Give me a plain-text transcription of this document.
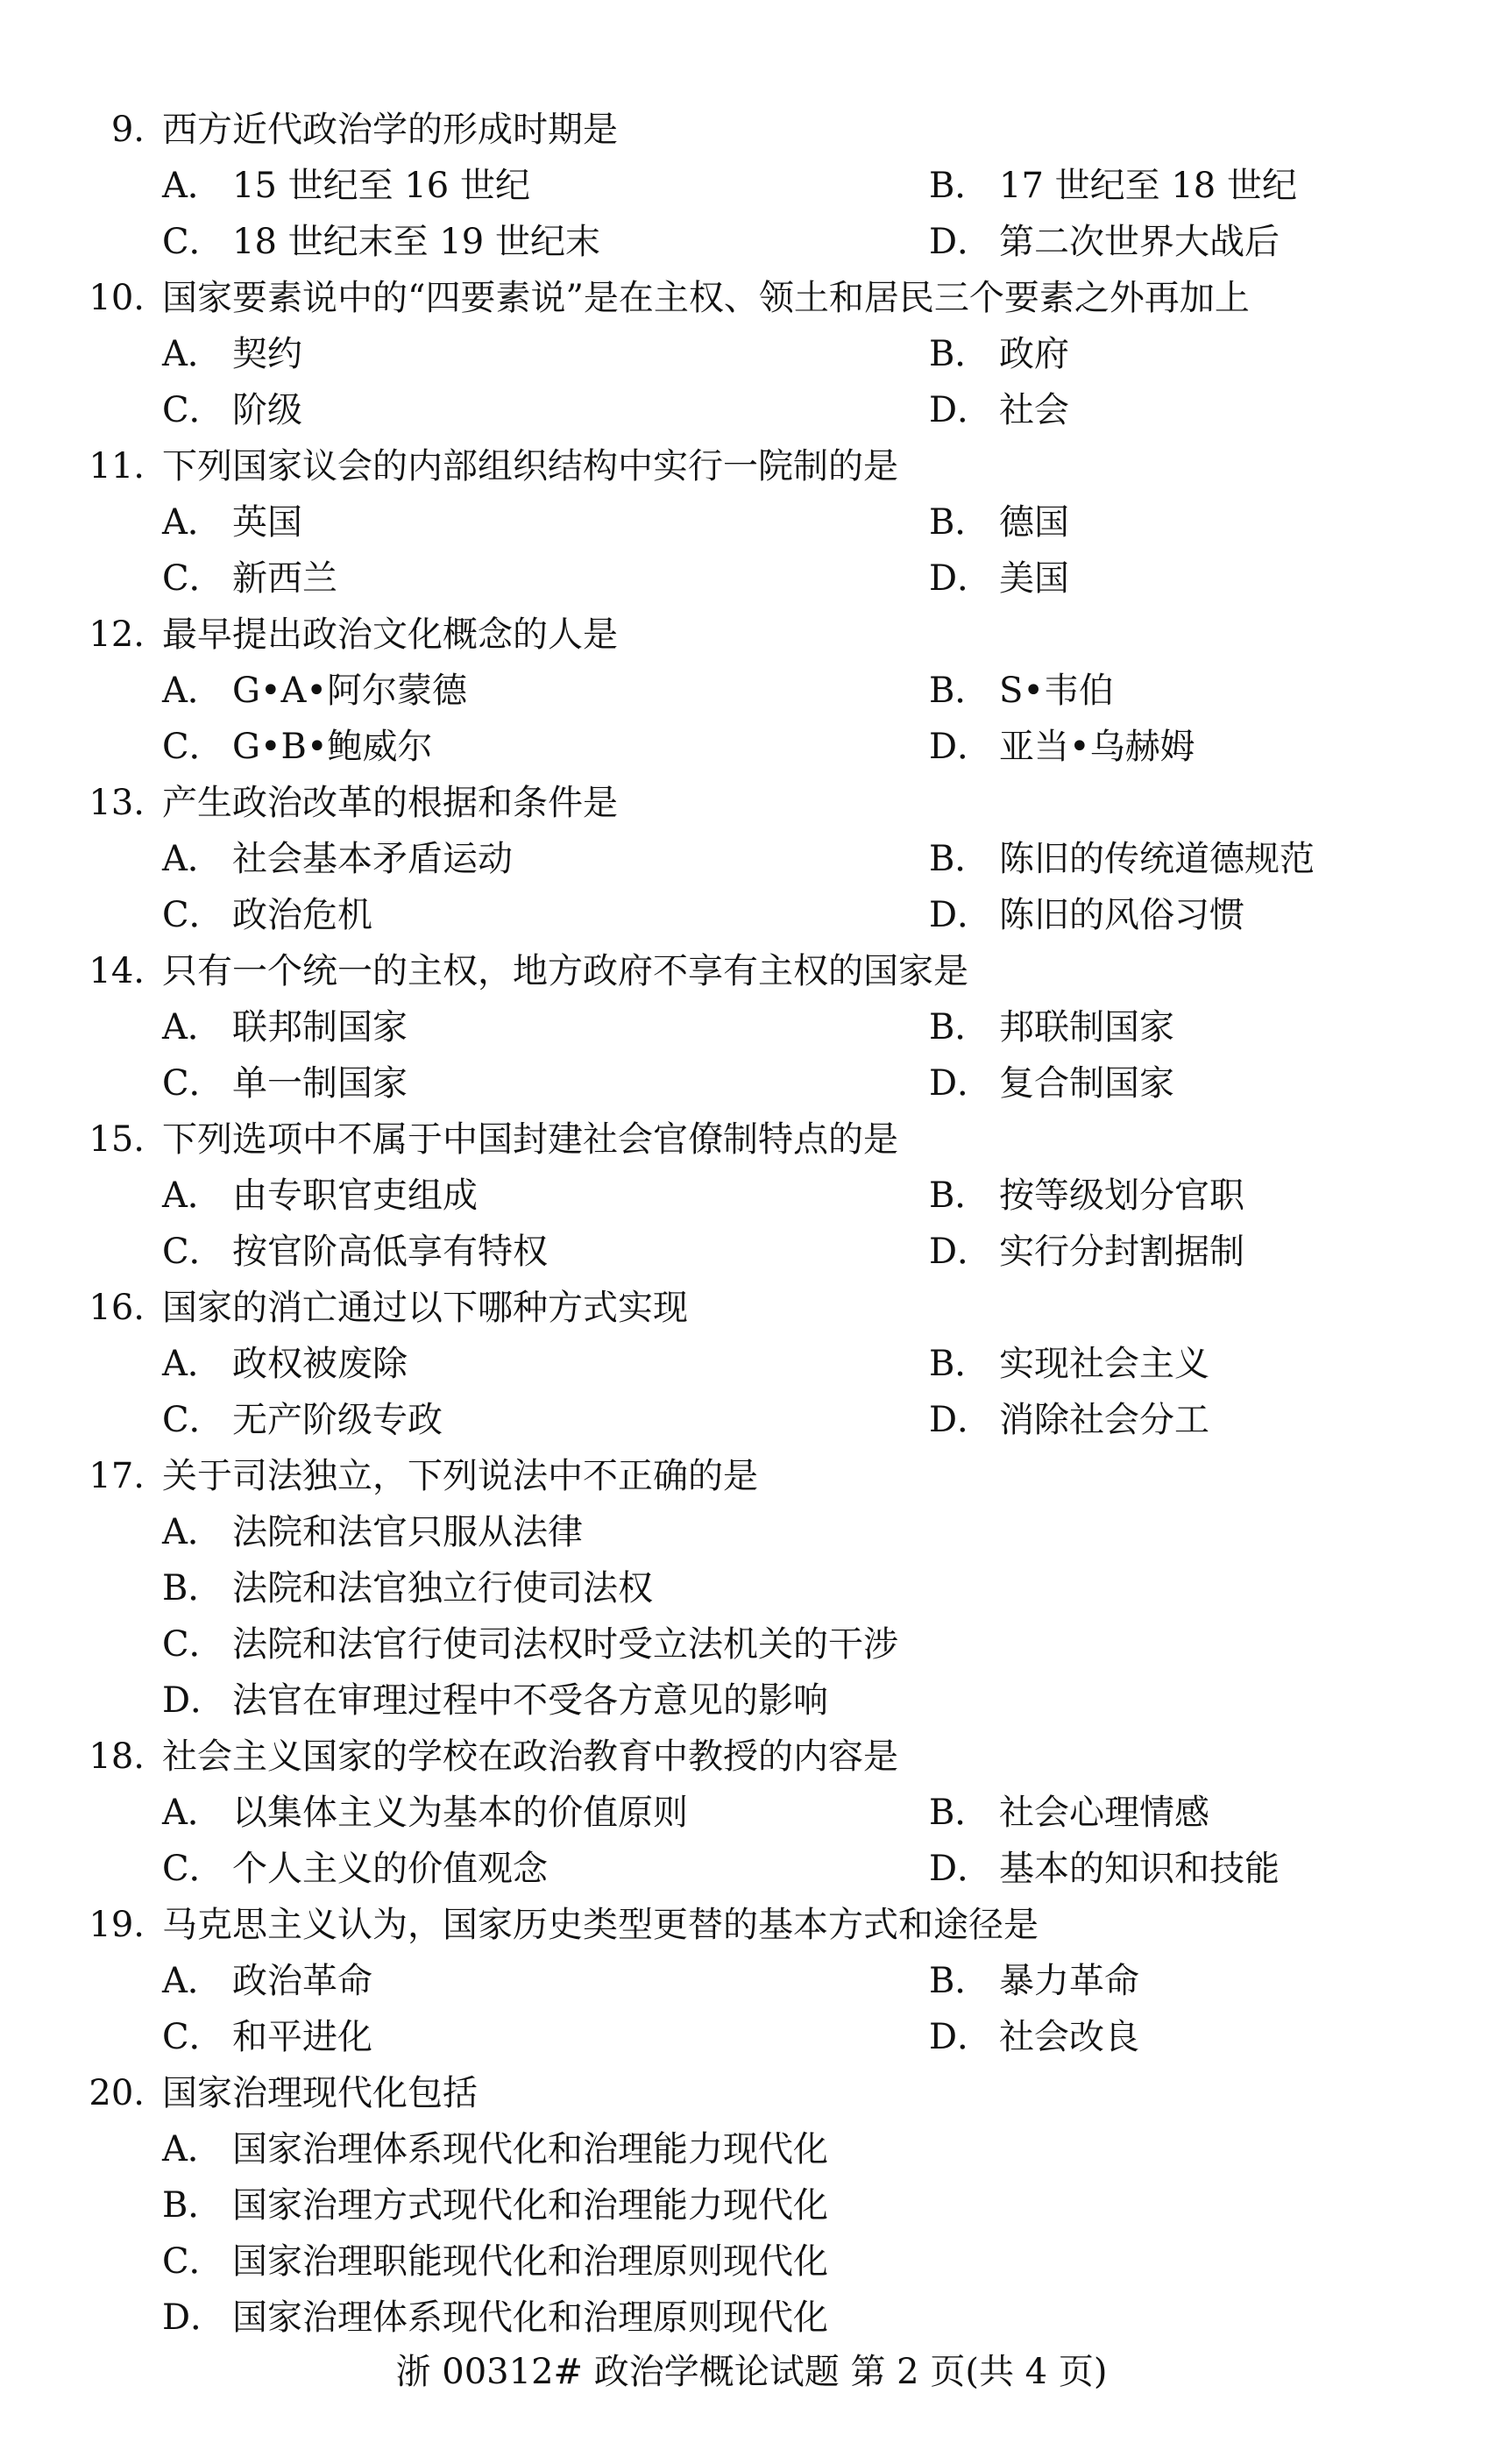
9. 西方近代政治学的形成时期是
A． 15 世纪至 16 世纪	B． 17 世纪至 18 世纪
C． 18 世纪末至 19 世纪末	D． 第二次世界大战后
10. 国家要素说中的“四要素说”是在主权、领土和居民三个要素之外再加上
A． 契约	B． 政府
C． 阶级	D． 社会
11. 下列国家议会的内部组织结构中实行一院制的是
A． 英国	B． 德国
C． 新西兰	D． 美国
12. 最早提出政治文化概念的人是
A． G•A•阿尔蒙德	B． S•韦伯
C． G•B•鲍威尔	D． 亚当•乌赫姆
13. 产生政治改革的根据和条件是
A． 社会基本矛盾运动	B． 陈旧的传统道德规范
C． 政治危机	D． 陈旧的风俗习惯
14. 只有一个统一的主权，地方政府不享有主权的国家是
A． 联邦制国家	B． 邦联制国家
C． 单一制国家	D． 复合制国家
15. 下列选项中不属于中国封建社会官僚制特点的是
A． 由专职官吏组成	B． 按等级划分官职
C． 按官阶高低享有特权	D． 实行分封割据制
16. 国家的消亡通过以下哪种方式实现
A． 政权被废除	B． 实现社会主义
C． 无产阶级专政	D． 消除社会分工
17. 关于司法独立，下列说法中不正确的是
A． 法院和法官只服从法律
B． 法院和法官独立行使司法权
C． 法院和法官行使司法权时受立法机关的干涉
D． 法官在审理过程中不受各方意见的影响
18. 社会主义国家的学校在政治教育中教授的内容是
A． 以集体主义为基本的价值原则	B． 社会心理情感
C． 个人主义的价值观念	D． 基本的知识和技能
19. 马克思主义认为，国家历史类型更替的基本方式和途径是
A． 政治革命	B． 暴力革命
C． 和平进化	D． 社会改良
20. 国家治理现代化包括
A． 国家治理体系现代化和治理能力现代化
B． 国家治理方式现代化和治理能力现代化
C． 国家治理职能现代化和治理原则现代化
D． 国家治理体系现代化和治理原则现代化
浙 00312# 政治学概论试题 第 2 页(共 4 页)
